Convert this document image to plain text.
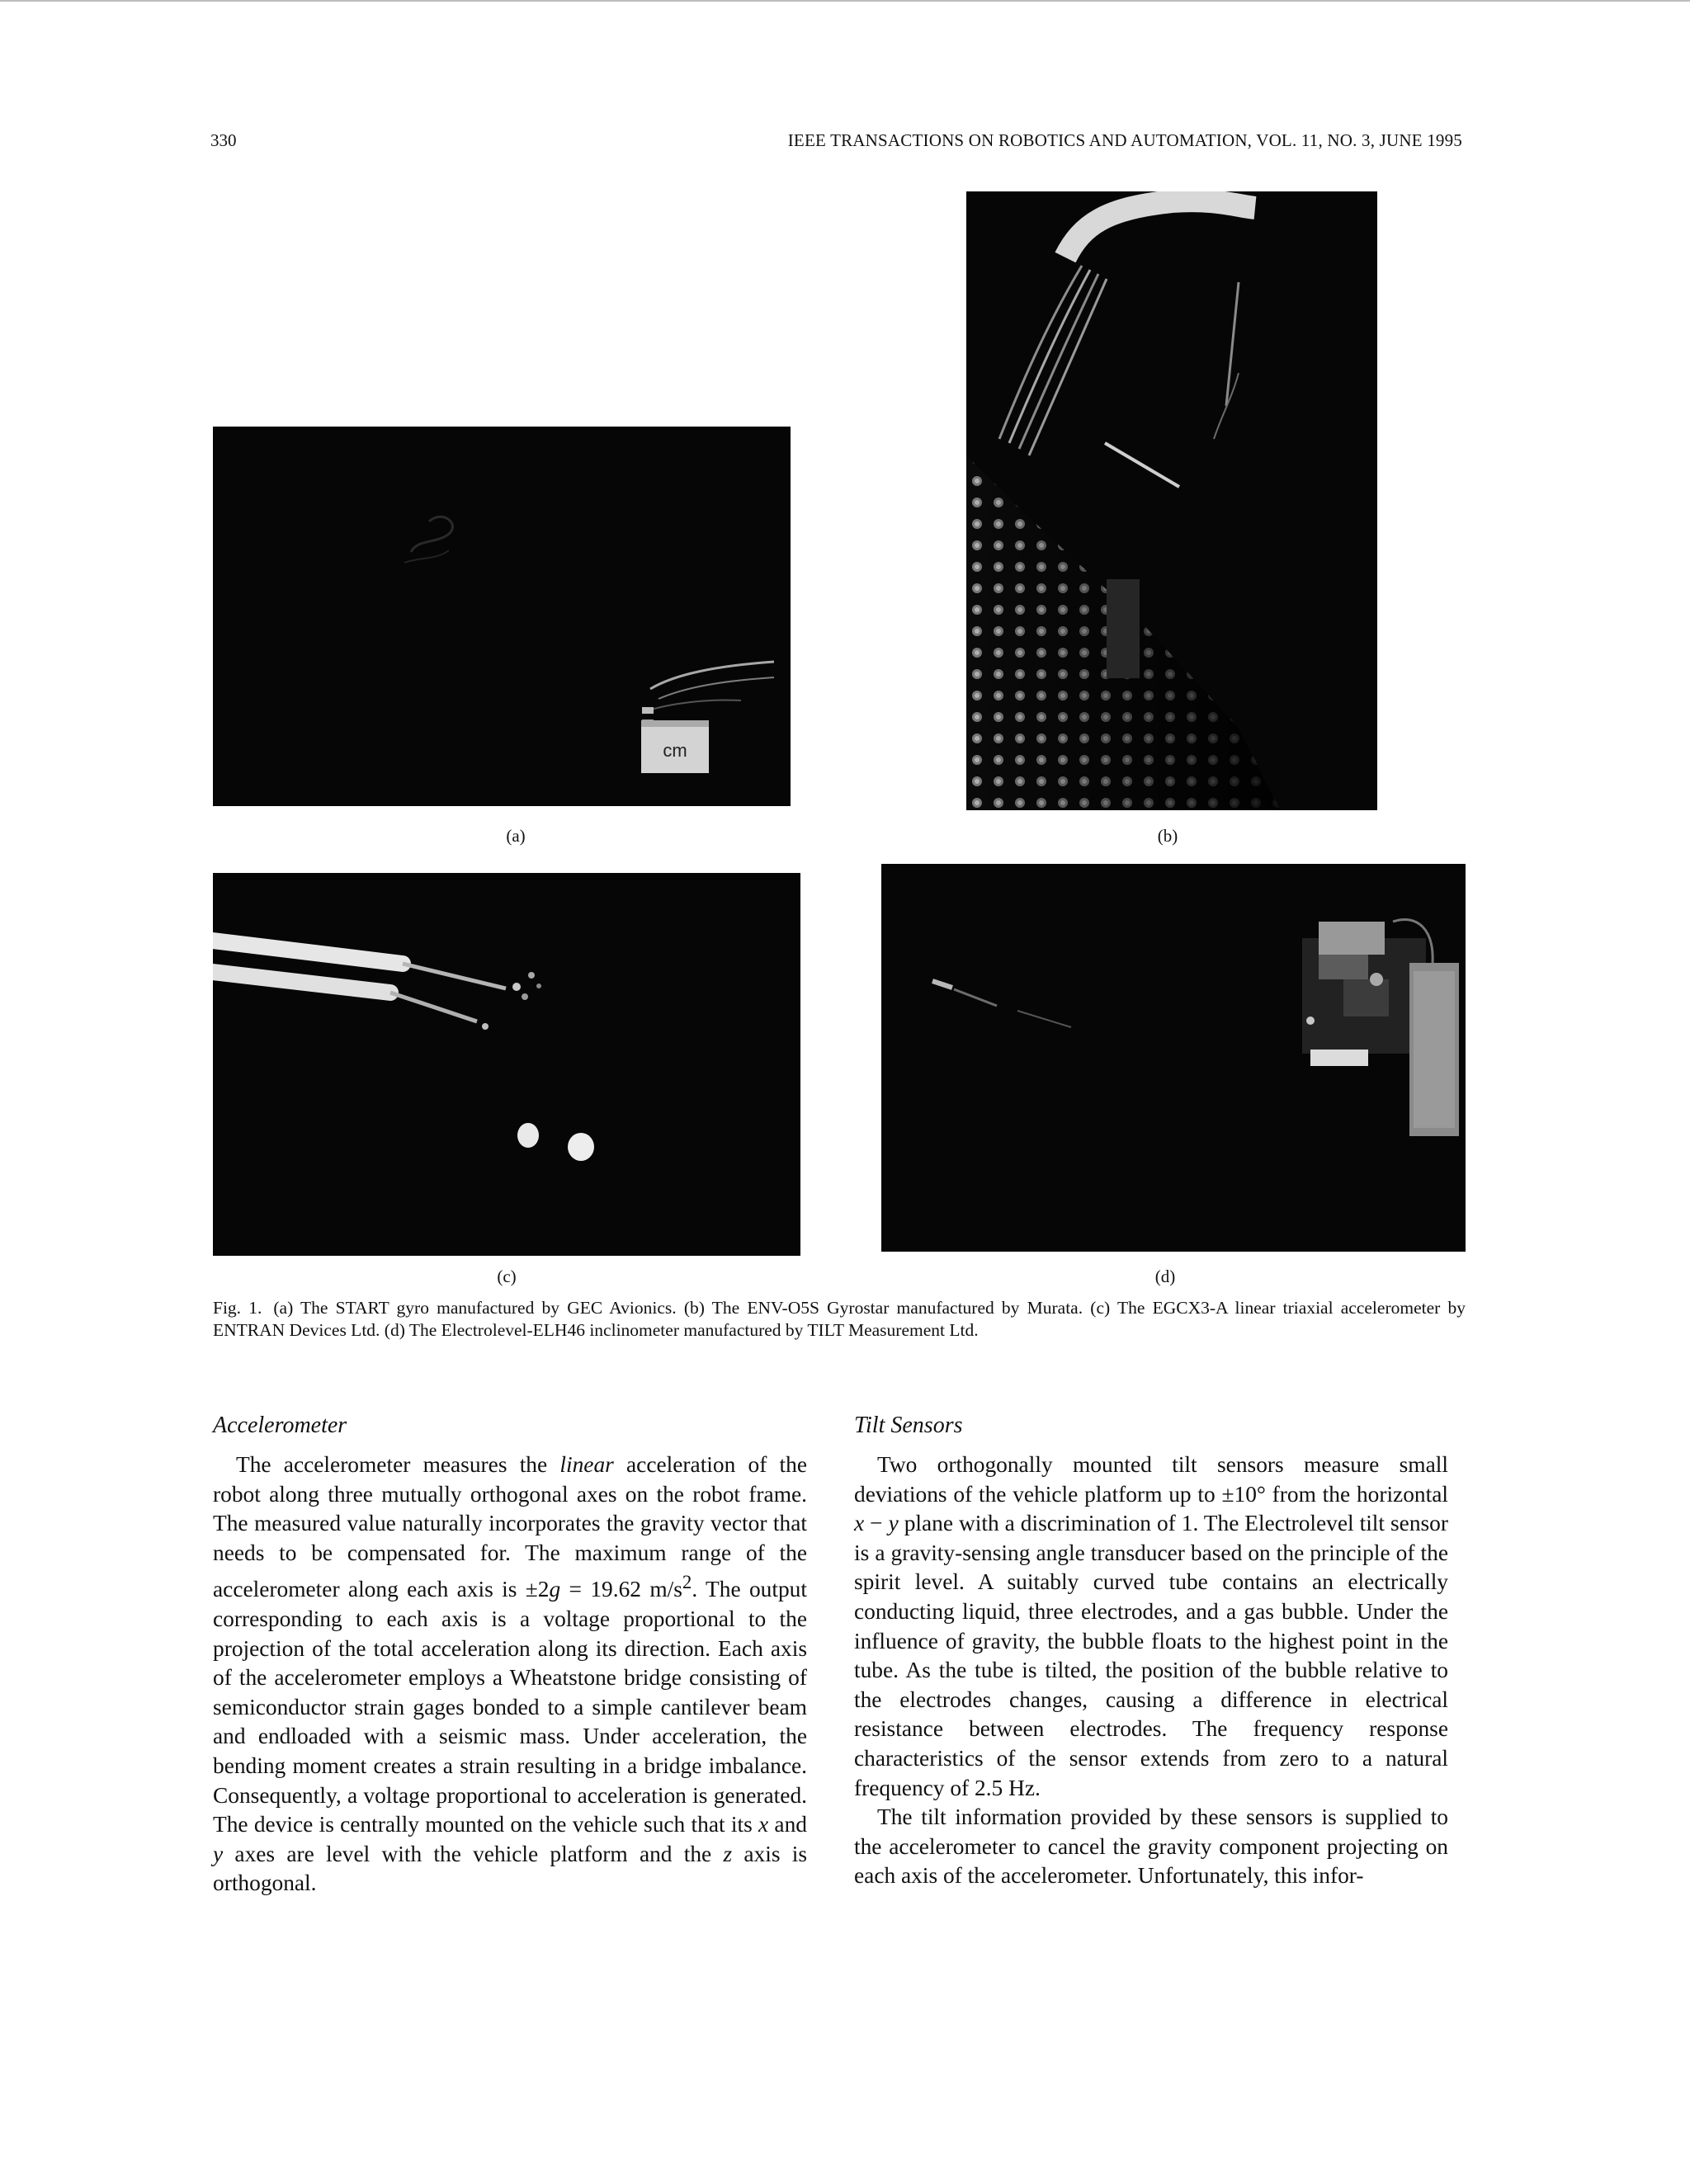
330	IEEE TRANSACTIONS ON ROBOTICS AND AUTOMATION, VOL. 11, NO. 3, JUNE 1995
cm
(a)	(b)
(c)	(d)
Fig. 1. (a) The START gyro manufactured by GEC Avionics. (b) The ENV-O5S Gyrostar manufactured by Murata. (c) The EGCX3-A linear triaxial accelerometer by ENTRAN Devices Ltd. (d) The Electrolevel-ELH46 inclinometer manufactured by TILT Measurement Ltd.
Accelerometer

The accelerometer measures the linear acceleration of the robot along three mutually orthogonal axes on the robot frame. The measured value naturally incorporates the gravity vector that needs to be compensated for. The maximum range of the accelerometer along each axis is ±2g = 19.62 $m/s^2$. The output corresponding to each axis is a voltage proportional to the projection of the total acceleration along its direction. Each axis of the accelerometer employs a Wheatstone bridge consisting of semiconductor strain gages bonded to a simple cantilever beam and endloaded with a seismic mass. Under acceleration, the bending moment creates a strain resulting in a bridge imbalance. Consequently, a voltage proportional to acceleration is generated. The device is centrally mounted on the vehicle such that its x and y axes are level with the vehicle platform and the z axis is orthogonal.

Tilt Sensors

Two orthogonally mounted tilt sensors measure small deviations of the vehicle platform up to ±10° from the horizontal x − y plane with a discrimination of 1. The Electrolevel tilt sensor is a gravity-sensing angle transducer based on the principle of the spirit level. A suitably curved tube contains an electrically conducting liquid, three electrodes, and a gas bubble. Under the influence of gravity, the bubble floats to the highest point in the tube. As the tube is tilted, the position of the bubble relative to the electrodes changes, causing a difference in electrical resistance between electrodes. The frequency response characteristics of the sensor extends from zero to a natural frequency of 2.5 Hz.

The tilt information provided by these sensors is supplied to the accelerometer to cancel the gravity component projecting on each axis of the accelerometer. Unfortunately, this infor-
